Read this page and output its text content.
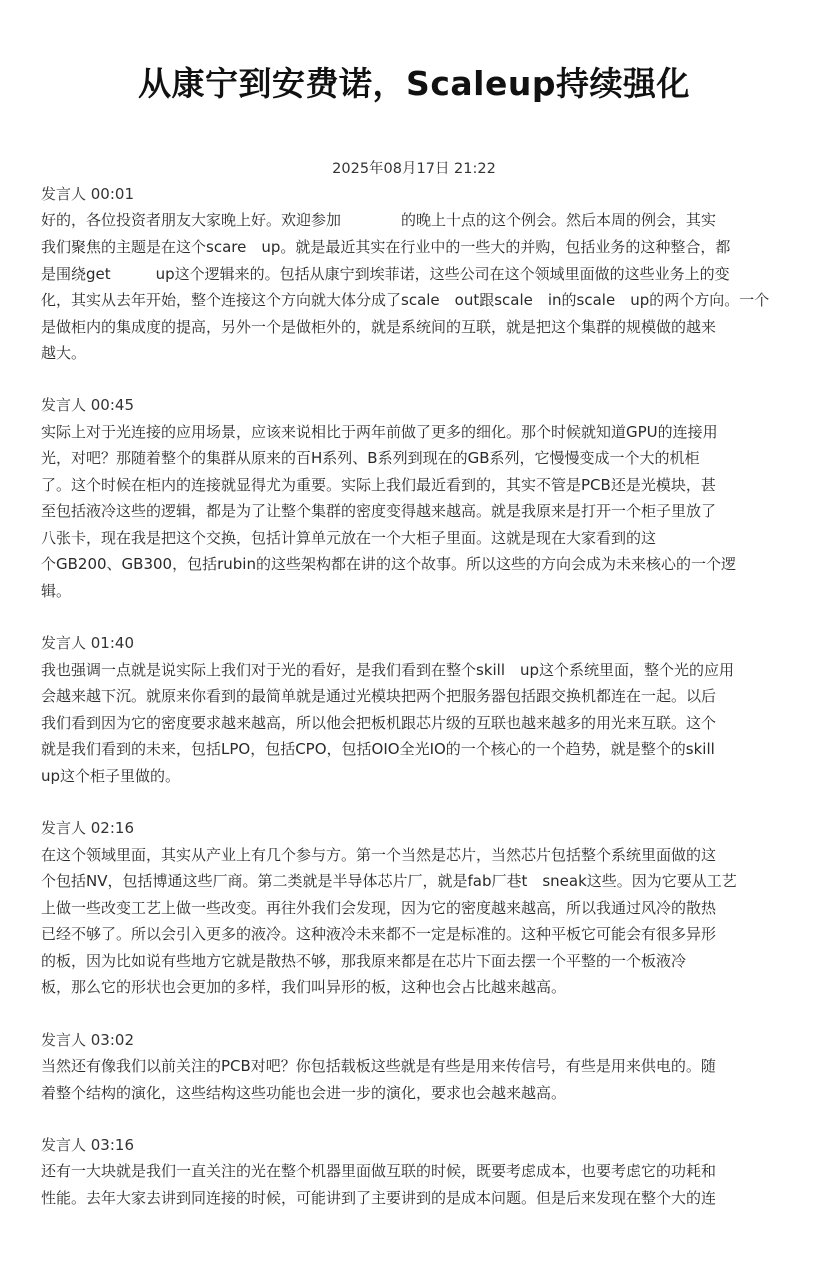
从康宁到安费诺，Scaleup持续强化
2025年08月17日 21:22
发言人 00:01
好的，各位投资者朋友大家晚上好。欢迎参加　　　　的晚上十点的这个例会。然后本周的例会，其实
我们聚焦的主题是在这个scare　up。就是最近其实在行业中的一些大的并购，包括业务的这种整合，都
是围绕get　　　up这个逻辑来的。包括从康宁到埃菲诺，这些公司在这个领域里面做的这些业务上的变
化，其实从去年开始，整个连接这个方向就大体分成了scale　out跟scale　in的scale　up的两个方向。一个
是做柜内的集成度的提高，另外一个是做柜外的，就是系统间的互联，就是把这个集群的规模做的越来
越大。
发言人 00:45
实际上对于光连接的应用场景，应该来说相比于两年前做了更多的细化。那个时候就知道GPU的连接用
光，对吧？那随着整个的集群从原来的百H系列、B系列到现在的GB系列，它慢慢变成一个大的机柜
了。这个时候在柜内的连接就显得尤为重要。实际上我们最近看到的，其实不管是PCB还是光模块，甚
至包括液冷这些的逻辑，都是为了让整个集群的密度变得越来越高。就是我原来是打开一个柜子里放了
八张卡，现在我是把这个交换，包括计算单元放在一个大柜子里面。这就是现在大家看到的这
个GB200、GB300，包括rubin的这些架构都在讲的这个故事。所以这些的方向会成为未来核心的一个逻
辑。
发言人 01:40
我也强调一点就是说实际上我们对于光的看好，是我们看到在整个skill　up这个系统里面，整个光的应用
会越来越下沉。就原来你看到的最简单就是通过光模块把两个把服务器包括跟交换机都连在一起。以后
我们看到因为它的密度要求越来越高，所以他会把板机跟芯片级的互联也越来越多的用光来互联。这个
就是我们看到的未来，包括LPO，包括CPO，包括OIO全光IO的一个核心的一个趋势，就是整个的skill
up这个柜子里做的。
发言人 02:16
在这个领域里面，其实从产业上有几个参与方。第一个当然是芯片，当然芯片包括整个系统里面做的这
个包括NV，包括博通这些厂商。第二类就是半导体芯片厂，就是fab厂巷t　sneak这些。因为它要从工艺
上做一些改变工艺上做一些改变。再往外我们会发现，因为它的密度越来越高，所以我通过风冷的散热
已经不够了。所以会引入更多的液冷。这种液冷未来都不一定是标准的。这种平板它可能会有很多异形
的板，因为比如说有些地方它就是散热不够，那我原来都是在芯片下面去摆一个平整的一个板液冷
板，那么它的形状也会更加的多样，我们叫异形的板，这种也会占比越来越高。
发言人 03:02
当然还有像我们以前关注的PCB对吧？你包括载板这些就是有些是用来传信号，有些是用来供电的。随
着整个结构的演化，这些结构这些功能也会进一步的演化，要求也会越来越高。
发言人 03:16
还有一大块就是我们一直关注的光在整个机器里面做互联的时候，既要考虑成本，也要考虑它的功耗和
性能。去年大家去讲到同连接的时候，可能讲到了主要讲到的是成本问题。但是后来发现在整个大的连
